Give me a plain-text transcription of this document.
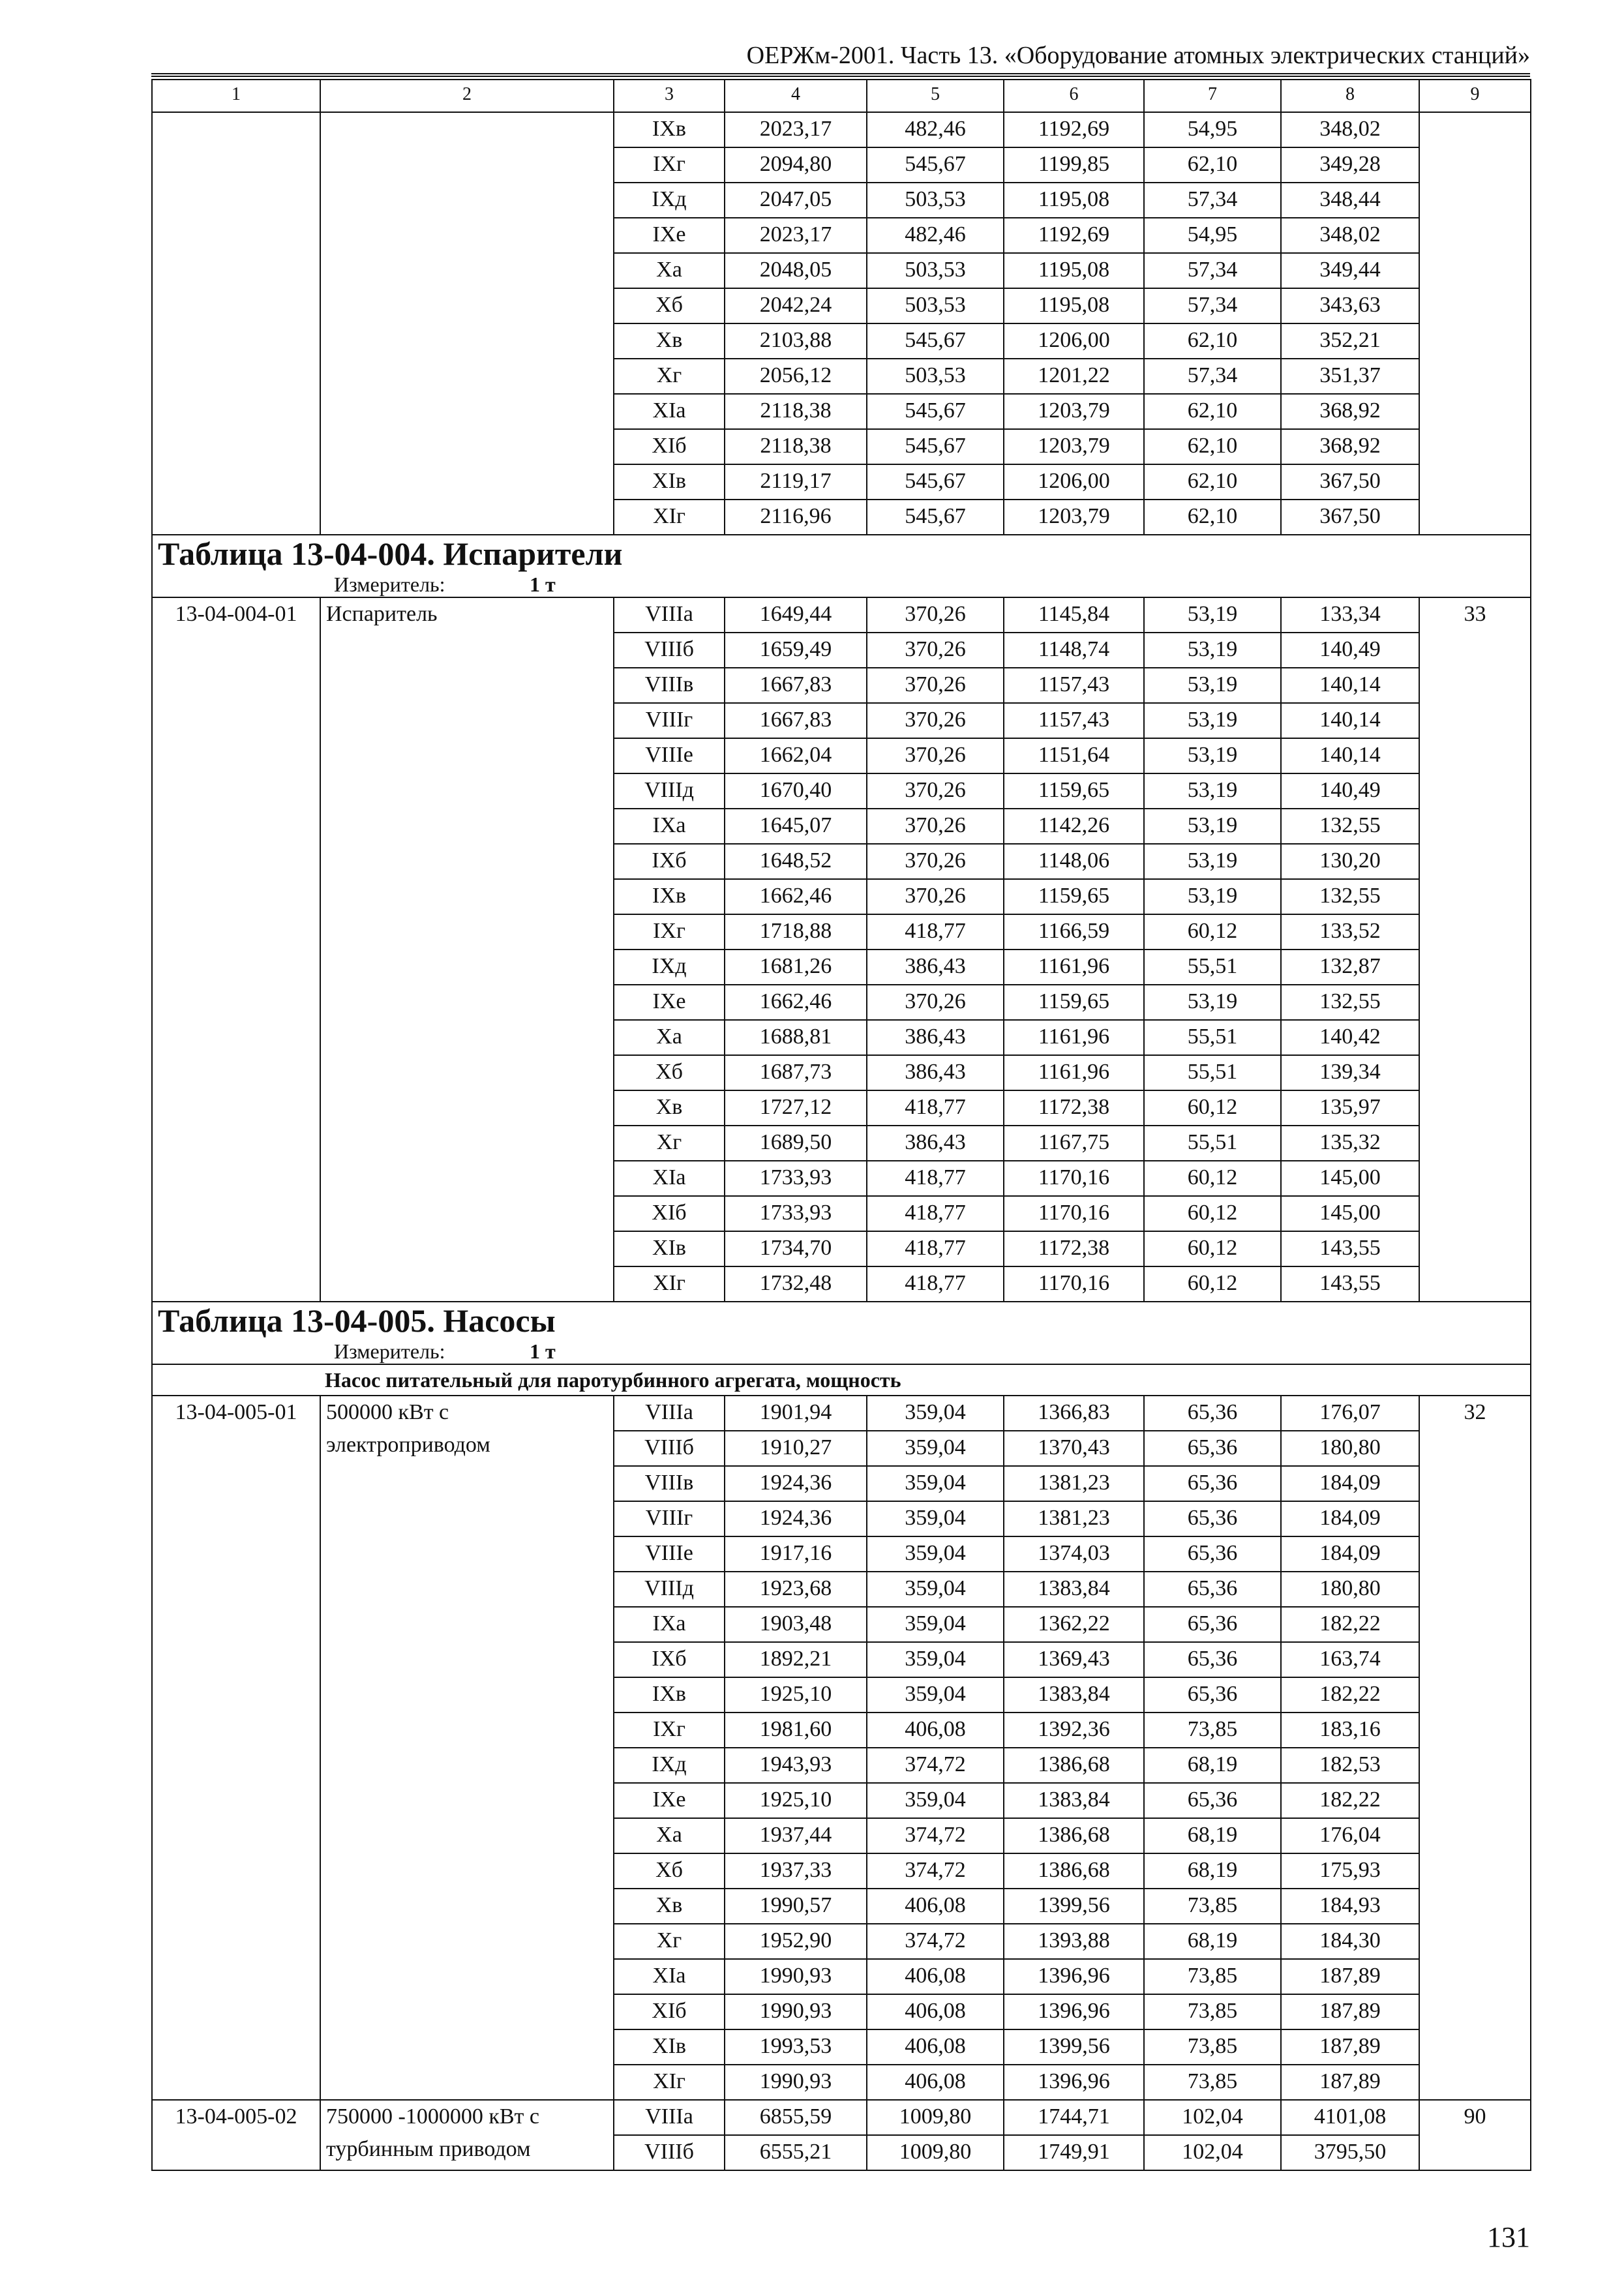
ОЕРЖм-2001. Часть 13. «Оборудование атомных электрических станций»
1	2	3	4	5	6	7	8	9
		IXв	2023,17	482,46	1192,69	54,95	348,02	
		IXг	2094,80	545,67	1199,85	62,10	349,28	
		IXд	2047,05	503,53	1195,08	57,34	348,44	
		IXе	2023,17	482,46	1192,69	54,95	348,02	
		Xа	2048,05	503,53	1195,08	57,34	349,44	
		Xб	2042,24	503,53	1195,08	57,34	343,63	
		Xв	2103,88	545,67	1206,00	62,10	352,21	
		Xг	2056,12	503,53	1201,22	57,34	351,37	
		XIа	2118,38	545,67	1203,79	62,10	368,92	
		XIб	2118,38	545,67	1203,79	62,10	368,92	
		XIв	2119,17	545,67	1206,00	62,10	367,50	
		XIг	2116,96	545,67	1203,79	62,10	367,50	
Таблица 13-04-004. Испарители								
Измеритель: 1 т								
13-04-004-01	Испаритель	VIIIа	1649,44	370,26	1145,84	53,19	133,34	33
		VIIIб	1659,49	370,26	1148,74	53,19	140,49	
		VIIIв	1667,83	370,26	1157,43	53,19	140,14	
		VIIIг	1667,83	370,26	1157,43	53,19	140,14	
		VIIIе	1662,04	370,26	1151,64	53,19	140,14	
		VIIIд	1670,40	370,26	1159,65	53,19	140,49	
		IXа	1645,07	370,26	1142,26	53,19	132,55	
		IXб	1648,52	370,26	1148,06	53,19	130,20	
		IXв	1662,46	370,26	1159,65	53,19	132,55	
		IXг	1718,88	418,77	1166,59	60,12	133,52	
		IXд	1681,26	386,43	1161,96	55,51	132,87	
		IXе	1662,46	370,26	1159,65	53,19	132,55	
		Xа	1688,81	386,43	1161,96	55,51	140,42	
		Xб	1687,73	386,43	1161,96	55,51	139,34	
		Xв	1727,12	418,77	1172,38	60,12	135,97	
		Xг	1689,50	386,43	1167,75	55,51	135,32	
		XIа	1733,93	418,77	1170,16	60,12	145,00	
		XIб	1733,93	418,77	1170,16	60,12	145,00	
		XIв	1734,70	418,77	1172,38	60,12	143,55	
		XIг	1732,48	418,77	1170,16	60,12	143,55	
Таблица 13-04-005. Насосы								
Измеритель: 1 т								
Насос питательный для паротурбинного агрегата, мощность								
13-04-005-01	500000 кВт с электроприводом	VIIIа	1901,94	359,04	1366,83	65,36	176,07	32
		VIIIб	1910,27	359,04	1370,43	65,36	180,80	
		VIIIв	1924,36	359,04	1381,23	65,36	184,09	
		VIIIг	1924,36	359,04	1381,23	65,36	184,09	
		VIIIе	1917,16	359,04	1374,03	65,36	184,09	
		VIIIд	1923,68	359,04	1383,84	65,36	180,80	
		IXа	1903,48	359,04	1362,22	65,36	182,22	
		IXб	1892,21	359,04	1369,43	65,36	163,74	
		IXв	1925,10	359,04	1383,84	65,36	182,22	
		IXг	1981,60	406,08	1392,36	73,85	183,16	
		IXд	1943,93	374,72	1386,68	68,19	182,53	
		IXе	1925,10	359,04	1383,84	65,36	182,22	
		Xа	1937,44	374,72	1386,68	68,19	176,04	
		Xб	1937,33	374,72	1386,68	68,19	175,93	
		Xв	1990,57	406,08	1399,56	73,85	184,93	
		Xг	1952,90	374,72	1393,88	68,19	184,30	
		XIа	1990,93	406,08	1396,96	73,85	187,89	
		XIб	1990,93	406,08	1396,96	73,85	187,89	
		XIв	1993,53	406,08	1399,56	73,85	187,89	
		XIг	1990,93	406,08	1396,96	73,85	187,89	
13-04-005-02	750000 -1000000 кВт с турбинным приводом	VIIIа	6855,59	1009,80	1744,71	102,04	4101,08	90
		VIIIб	6555,21	1009,80	1749,91	102,04	3795,50	
131
